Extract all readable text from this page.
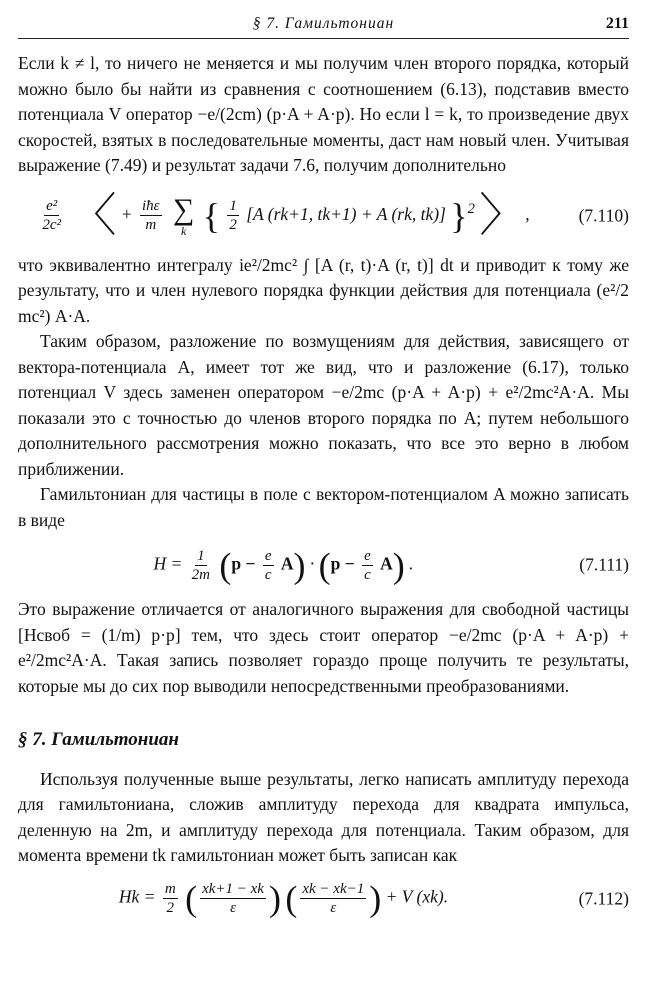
§ 7. Гамильтониан	211

Если k ≠ l, то ничего не меняется и мы получим член второго порядка, который можно было бы найти из сравнения с соотношением (6.13), подставив вместо потенциала V оператор −e/(2cm) (p·A + A·p). Но если l = k, то произведение двух скоростей, взятых в последовательные моменты, даст нам новый член. Учитывая выражение (7.49) и результат задачи 7.6, получим дополнительно

$\frac{\text{e²}}{\text{2c²}}$ 〈 + $\frac{\text{iħε}}{m}$
∑
k { $\frac{1}{2} [A$ (rk+1, tk+1) + A (rk, tk)] }$^2$ 〉,	(7.110)

что эквивалентно интегралу ie²/2mc² ∫ [A (r, t)·A (r, t)] dt и приводит к тому же результату, что и член нулевого порядка функции действия для потенциала (e²/2 mc²) A·A.

Таким образом, разложение по возмущениям для действия, зависящего от вектора-потенциала A, имеет тот же вид, что и разложение (6.17), только потенциал V здесь заменен оператором −e/2mc (p·A + A·p) + e²/2mc²A·A. Мы показали это с точностью до членов второго порядка по A; путем небольшого дополнительного рассмотрения можно показать, что все это верно в любом приближении.

Гамильтониан для частицы в поле с вектором-потенциалом A можно записать в виде

$H = \frac{1}{2m} (p - \frac{e}{c} A) \cdot (p - \frac{e}{c} A)$ .	(7.111)

Это выражение отличается от аналогичного выражения для свободной частицы [Hсвоб = (1/m) p·p] тем, что здесь стоит оператор −e/2mc (p·A + A·p) + e²/2mc²A·A. Такая запись позволяет гораздо проще получить те результаты, которые мы до сих пор выводили непосредственными преобразованиями.

§ 7. Гамильтониан

Используя полученные выше результаты, легко написать амплитуду перехода для гамильтониана, сложив амплитуду перехода для квадрата импульса, деленную на 2m, и амплитуду перехода для потенциала. Таким образом, для момента времени tk гамильтониан может быть записан как

$Hk = \frac{m}{2}$ ( $\frac{xk+1 - xk}{\varepsilon}$ ) ( $\frac{xk - xk-1}{\varepsilon}$ ) + V (xk).	(7.112)
